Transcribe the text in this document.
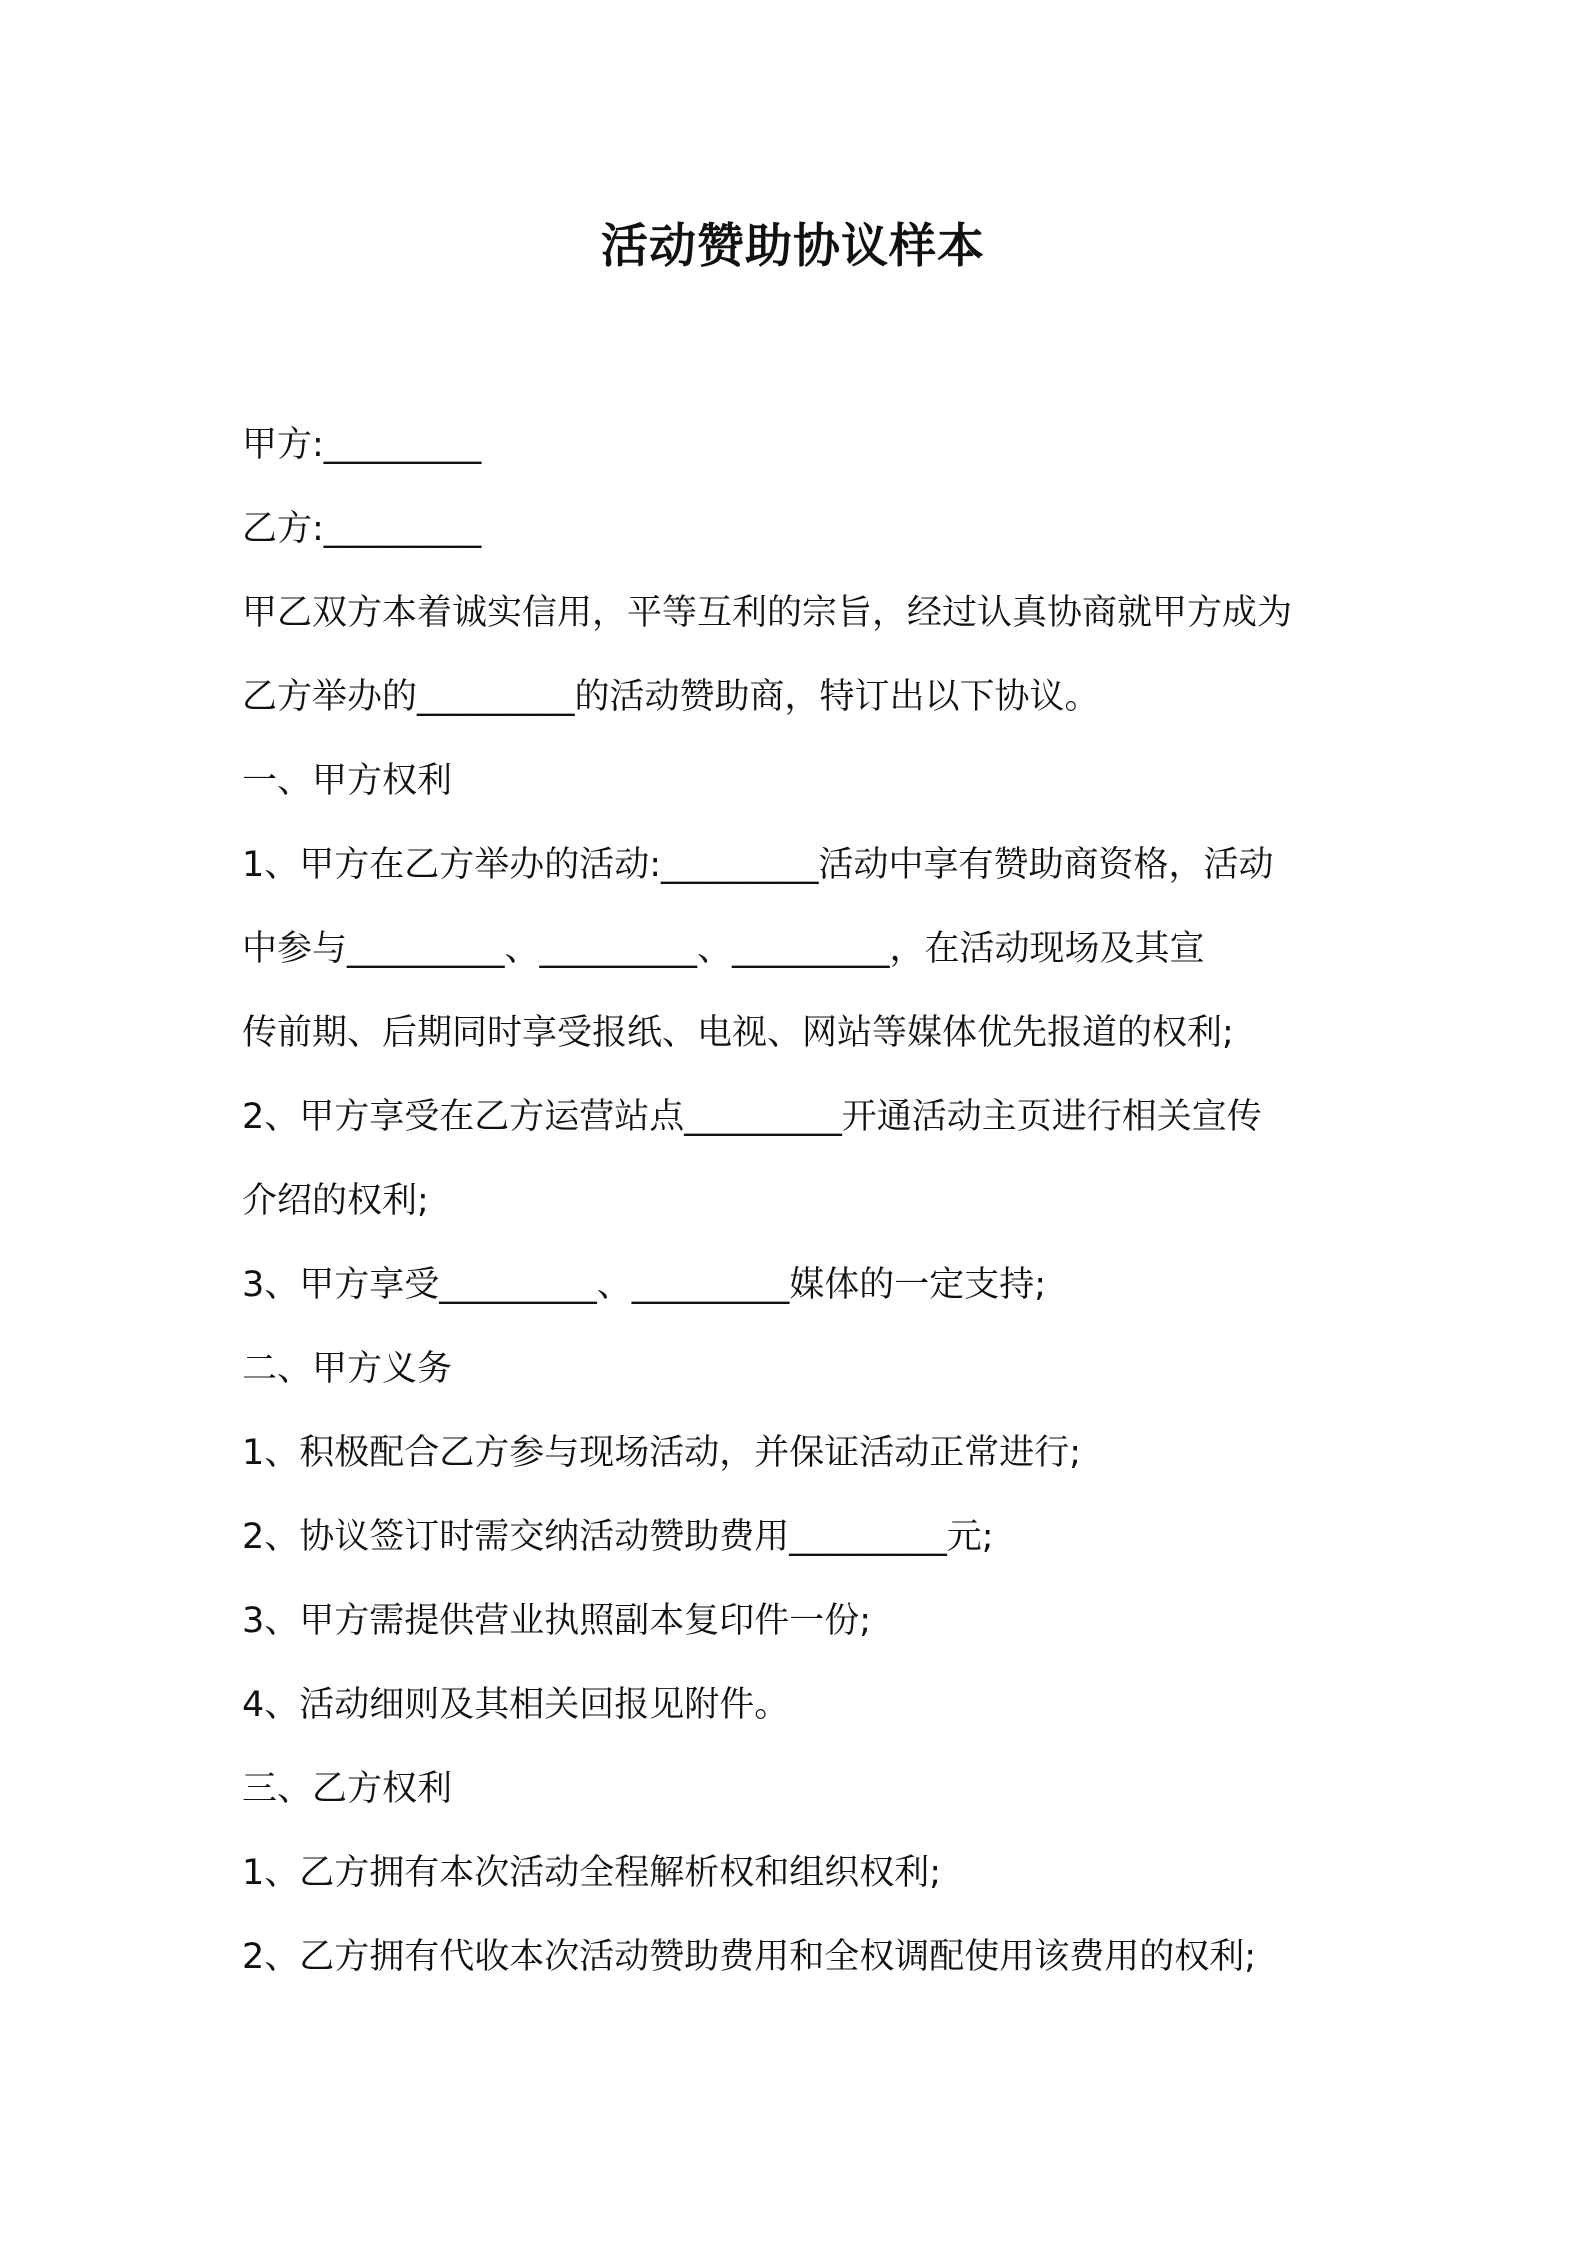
活动赞助协议样本
甲方:_________
乙方:_________
甲乙双方本着诚实信用，平等互利的宗旨，经过认真协商就甲方成为
乙方举办的_________的活动赞助商，特订出以下协议。
一、甲方权利
1、甲方在乙方举办的活动:_________活动中享有赞助商资格，活动
中参与_________、_________、_________，在活动现场及其宣
传前期、后期同时享受报纸、电视、网站等媒体优先报道的权利;
2、甲方享受在乙方运营站点_________开通活动主页进行相关宣传
介绍的权利;
3、甲方享受_________、_________媒体的一定支持;
二、甲方义务
1、积极配合乙方参与现场活动，并保证活动正常进行;
2、协议签订时需交纳活动赞助费用_________元;
3、甲方需提供营业执照副本复印件一份;
4、活动细则及其相关回报见附件。
三、乙方权利
1、乙方拥有本次活动全程解析权和组织权利;
2、乙方拥有代收本次活动赞助费用和全权调配使用该费用的权利;
